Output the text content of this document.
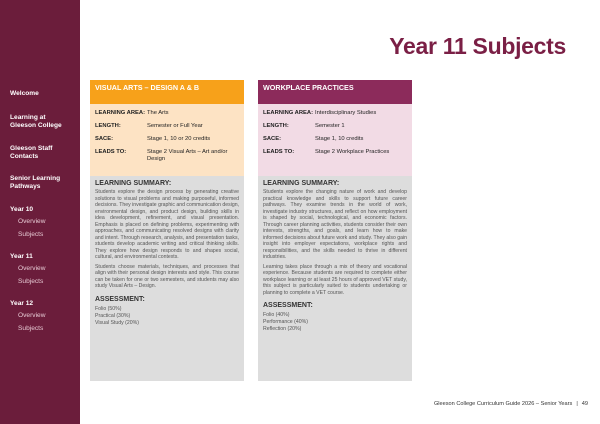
Welcome
Learning at Gleeson College
Gleeson Staff Contacts
Senior Learning Pathways
Year 10
Overview
Subjects
Year 11
Overview
Subjects
Year 12
Overview
Subjects
Year 11 Subjects
VISUAL ARTS – DESIGN A & B
LEARNING AREA: The Arts
LENGTH:	Semester or Full Year
SACE:	Stage 1, 10 or 20 credits
LEADS TO:	Stage 2 Visual Arts – Art and/or Design
LEARNING SUMMARY:

Students explore the design process by generating creative solutions to visual problems and making purposeful, informed decisions. They investigate graphic and communication design, environmental design, and product design, building skills in idea development, refinement, and visual presentation. Emphasis is placed on defining problems, experimenting with approaches, and communicating resolved designs with clarity and intent. Through research, analysis, and presentation tasks, students develop academic writing and critical thinking skills. They explore how design responds to and shapes social, cultural, and environmental contexts.

Students choose materials, techniques, and processes that align with their personal design interests and style. This course can be taken for one or two semesters, and students may also study Visual Arts – Design.

ASSESSMENT:
Folio (50%)
Practical (30%)
Visual Study (20%)
WORKPLACE PRACTICES
LEARNING AREA: Interdisciplinary Studies
LENGTH:	Semester 1
SACE:	Stage 1, 10 credits
LEADS TO:	Stage 2 Workplace Practices
LEARNING SUMMARY:

Students explore the changing nature of work and develop practical knowledge and skills to support future career pathways. They examine trends in the world of work, investigate industry structures, and reflect on how employment is shaped by social, technological, and economic factors. Through career planning activities, students consider their own interests, strengths, and goals, and learn how to make informed decisions about future work and study. They also gain insight into employer expectations, workplace rights and responsibilities, and the skills needed to thrive in different industries.

Learning takes place through a mix of theory and vocational experience. Because students are required to complete either workplace learning or at least 25 hours of approved VET study, this subject is particularly suited to students undertaking or planning to complete a VET course.

ASSESSMENT:
Folio (40%)
Performance (40%)
Reflection (20%)
Gleeson College Curriculum Guide 2026 – Senior Years | 49
